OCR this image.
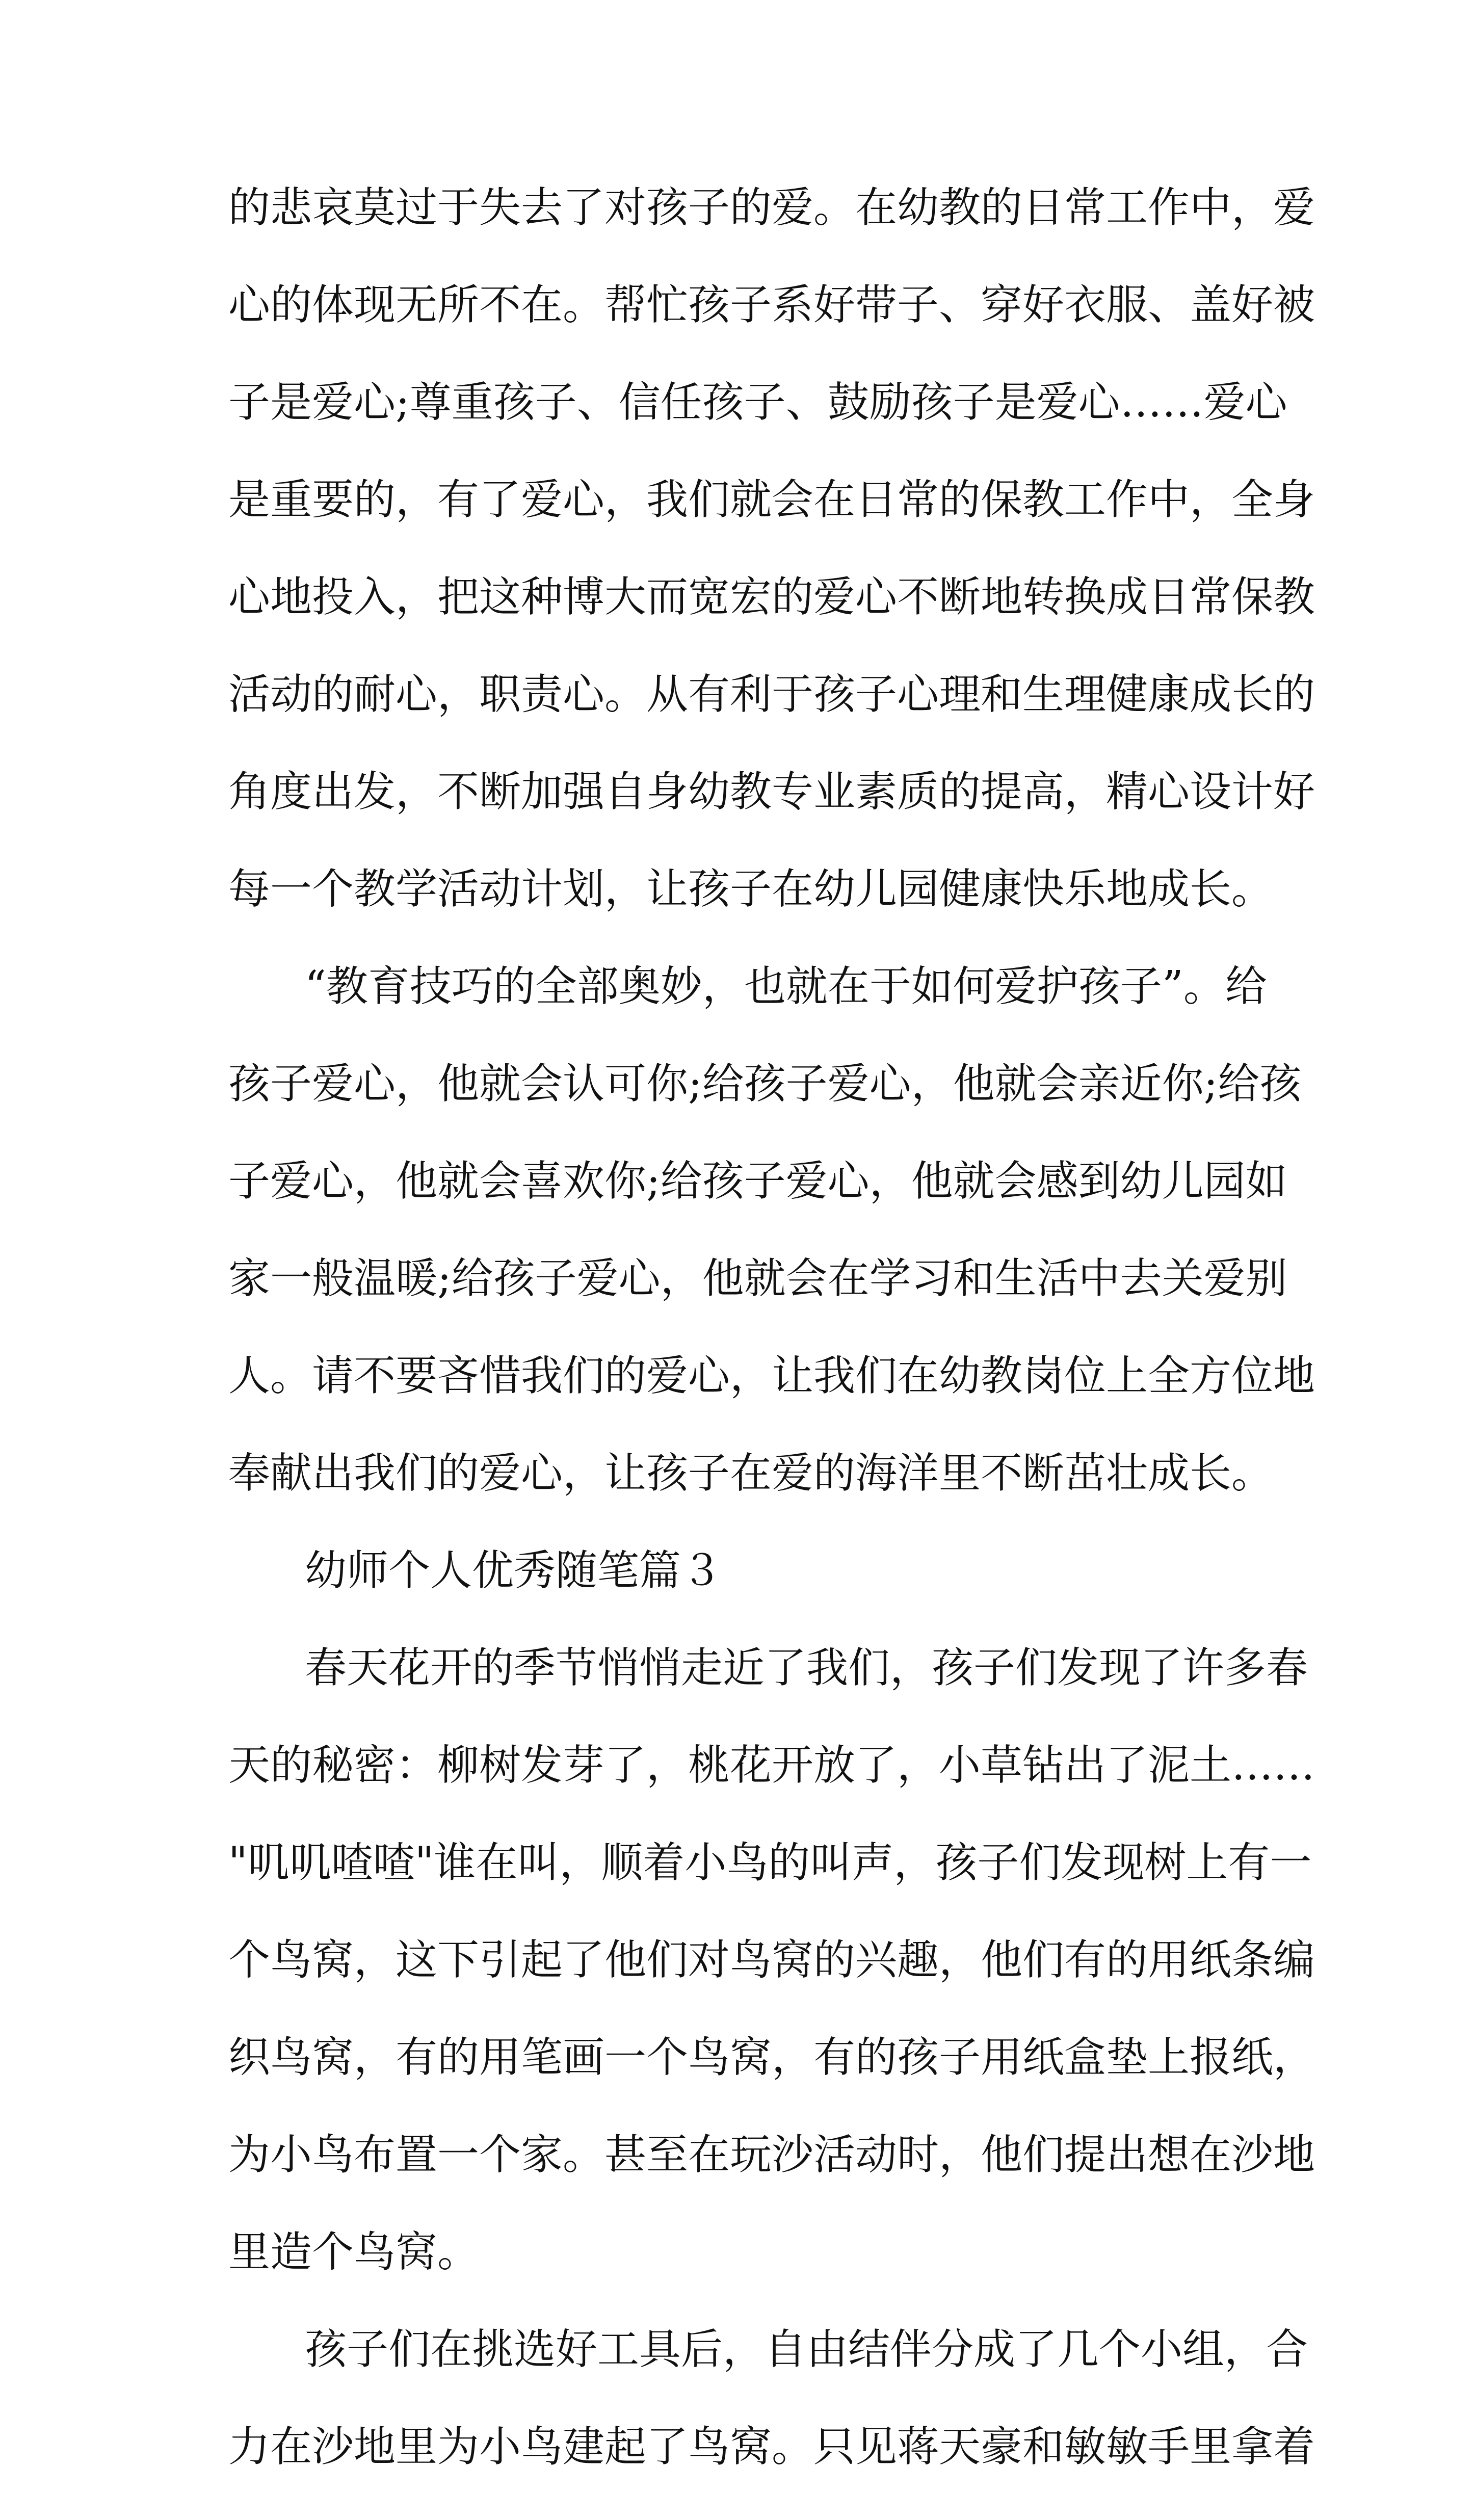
的悲哀莫过于失去了对孩子的爱。在幼教的日常工作中，爱
心的体现无所不在。帮忙孩子系好带子、穿好衣服、盖好被
子是爱心;尊重孩子、信任孩子、鼓励孩子是爱心……爱心
是重要的，有了爱心，我们就会在日常的保教工作中，全身
心地投入，把这种博大而宽宏的爱心不断地转换成日常保教
活动的耐心，职责心。从有利于孩子心理和生理健康成长的
角度出发，不断加强自身幼教专业素质的提高，精心设计好
每一个教学活动计划，让孩子在幼儿园健康快乐地成长。
“教育技巧的全部奥妙，也就在于如何爱护孩子”。给
孩子爱心，他就会认可你;给孩子爱心，他就会亲近你;给孩
子爱心，他就会喜欢你;给孩子爱心，他就会感到幼儿园如
家一般温暖;给孩子爱心，他就会在学习和生活中去关爱别
人。请不要吝惜我们的爱心，让我们在幼教岗位上全方位地
奉献出我们的爱心，让孩子在爱的海洋里不断茁壮成长。
幼师个人优秀随笔篇３
春天花开的季节悄悄走近了我们，孩子们发现了许多春
天的秘密：柳树发芽了，桃花开放了，小草钻出了泥土……
"叽叽喳喳"谁在叫，顺着小鸟的叫声，孩子们发现树上有一
个鸟窝，这下引起了他们对鸟窝的兴趣，他们有的用纸条编
织鸟窝，有的用笔画一个鸟窝，有的孩子用纸盒垫上报纸，
为小鸟布置一个家。甚至在玩沙活动时，他们提出想在沙地
里造个鸟窝。
孩子们在挑选好工具后，自由结伴分成了几个小组，合
力在沙地里为小鸟建起了鸟窝。只见蒋天豪和敏敏手里拿着
